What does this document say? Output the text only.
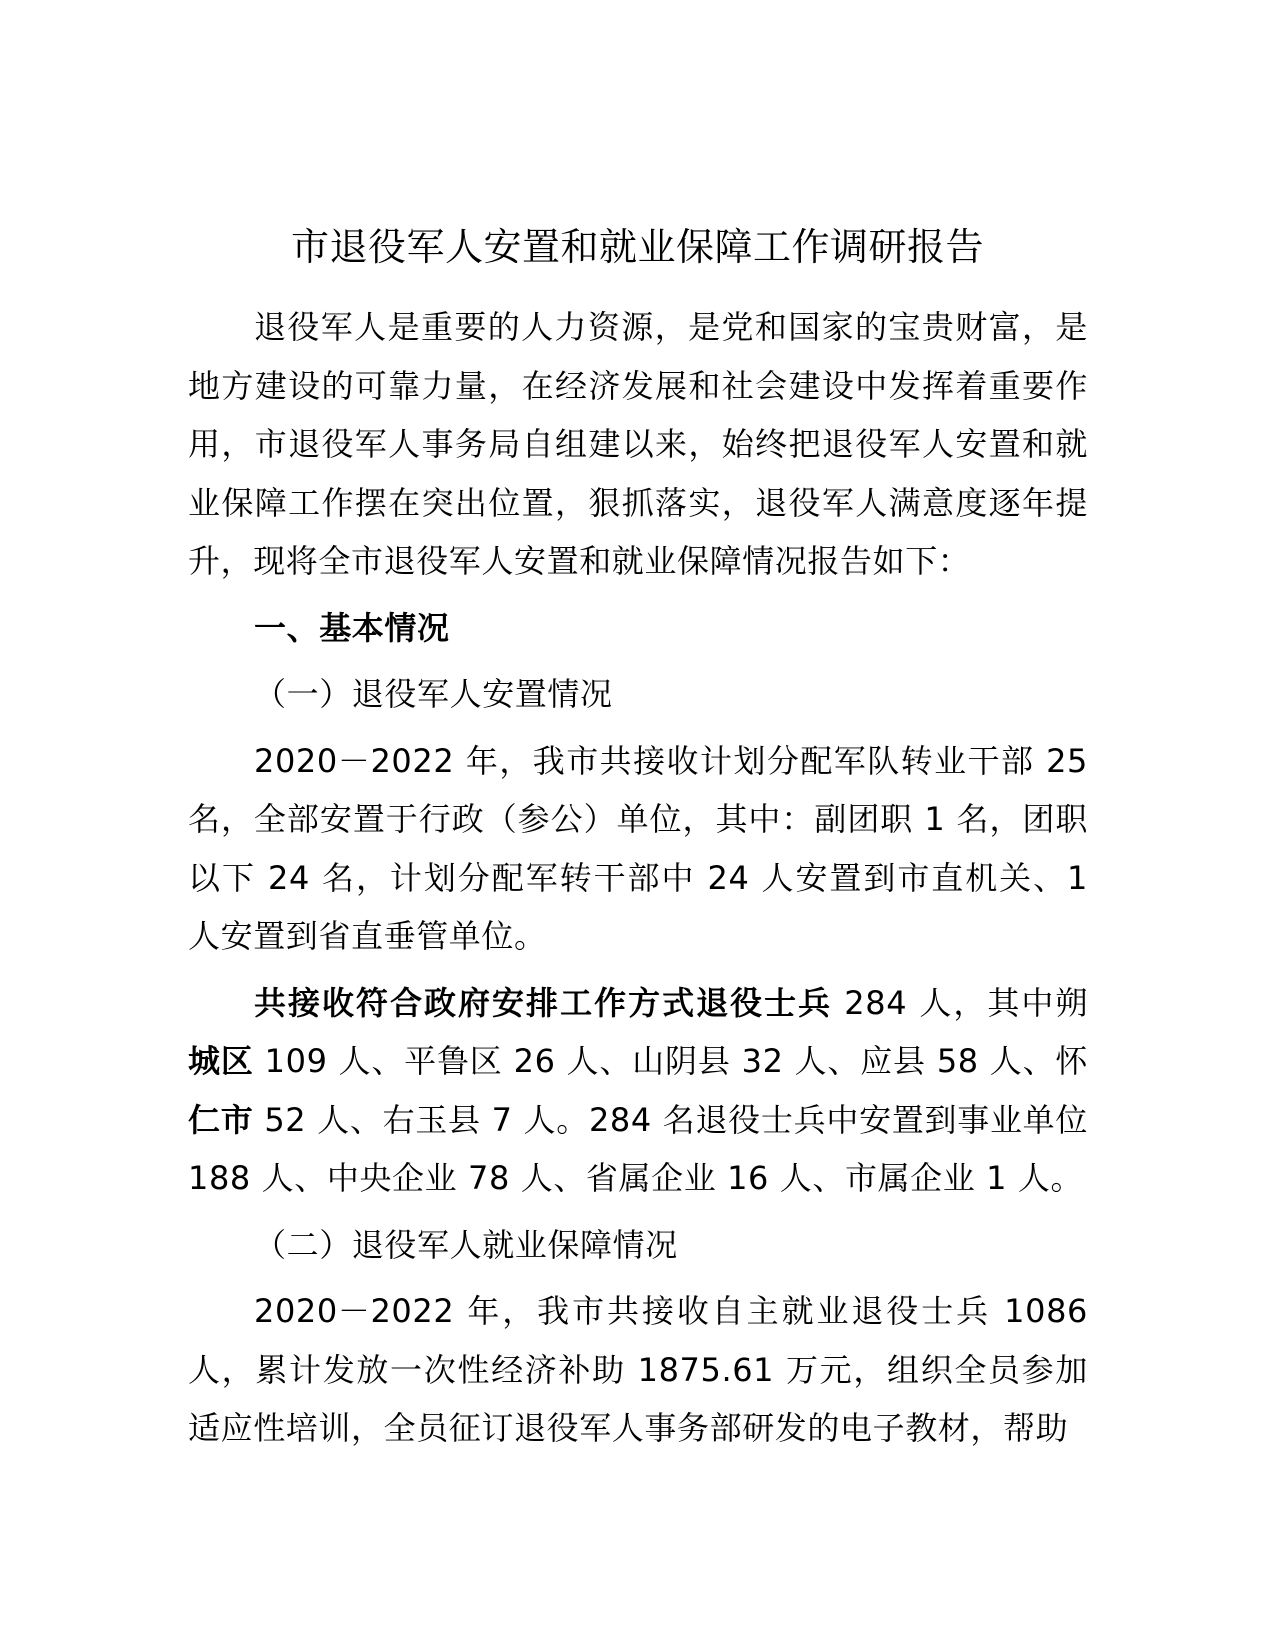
市退役军人安置和就业保障工作调研报告

退役军人是重要的人力资源，是党和国家的宝贵财富，是地方建设的可靠力量，在经济发展和社会建设中发挥着重要作用，市退役军人事务局自组建以来，始终把退役军人安置和就业保障工作摆在突出位置，狠抓落实，退役军人满意度逐年提升，现将全市退役军人安置和就业保障情况报告如下：

一、基本情况

（一）退役军人安置情况

2020－2022 年，我市共接收计划分配军队转业干部 25 名，全部安置于行政（参公）单位，其中：副团职 1 名，团职以下 24 名，计划分配军转干部中 24 人安置到市直机关、1 人安置到省直垂管单位。

共接收符合政府安排工作方式退役士兵 284 人，其中朔城区 109 人、平鲁区 26 人、山阴县 32 人、应县 58 人、怀仁市 52 人、右玉县 7 人。284 名退役士兵中安置到事业单位 188 人、中央企业 78 人、省属企业 16 人、市属企业 1 人。

（二）退役军人就业保障情况

2020－2022 年，我市共接收自主就业退役士兵 1086 人，累计发放一次性经济补助 1875.61 万元，组织全员参加适应性培训，全员征订退役军人事务部研发的电子教材，帮助
